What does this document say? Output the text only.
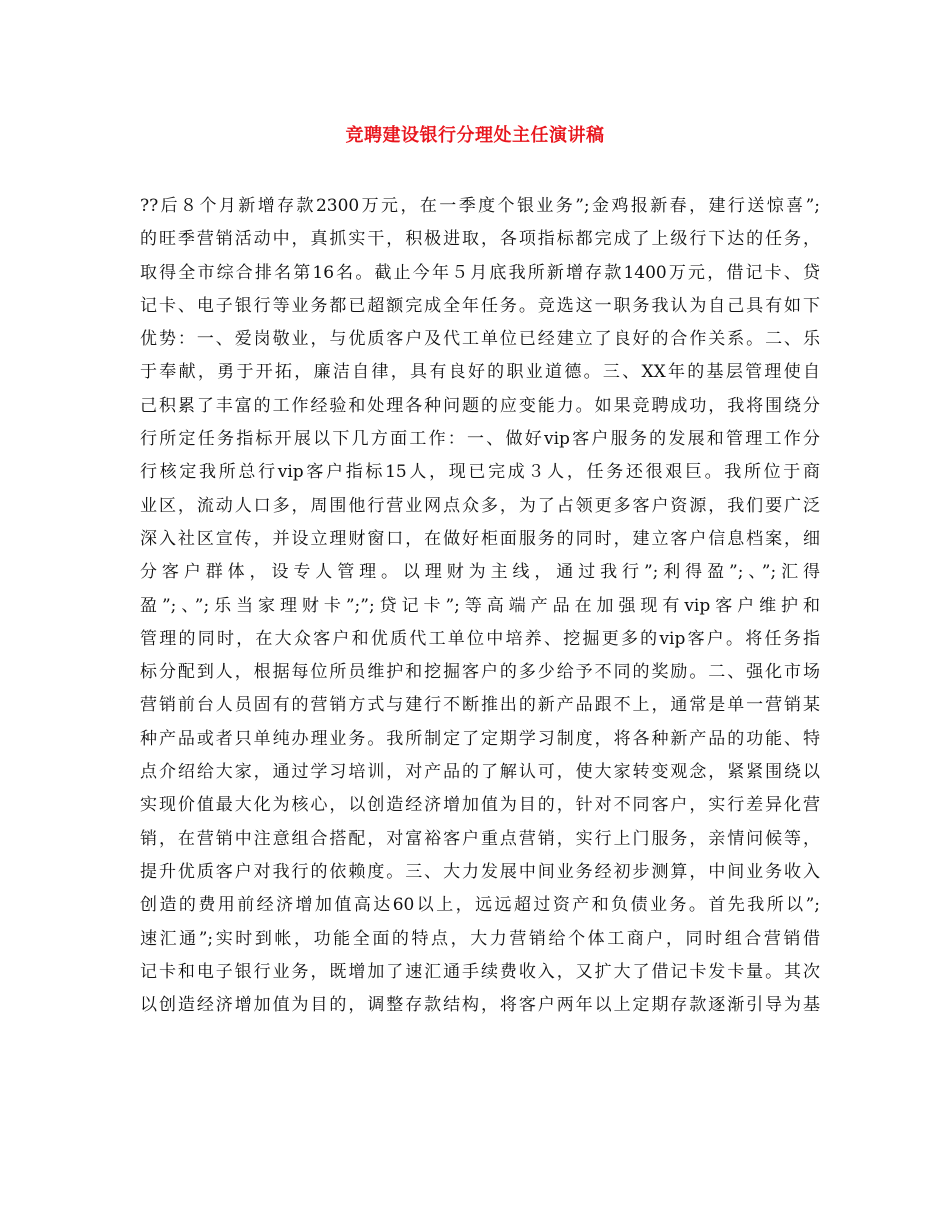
竞聘建设银行分理处主任演讲稿
??后８个月新增存款2300万元，在一季度个银业务”;金鸡报新春，建行送惊喜”;
的旺季营销活动中，真抓实干，积极进取，各项指标都完成了上级行下达的任务，
取得全市综合排名第16名。截止今年５月底我所新增存款1400万元，借记卡、贷
记卡、电子银行等业务都已超额完成全年任务。竞选这一职务我认为自己具有如下
优势：一、爱岗敬业，与优质客户及代工单位已经建立了良好的合作关系。二、乐
于奉献，勇于开拓，廉洁自律，具有良好的职业道德。三、XX年的基层管理使自
己积累了丰富的工作经验和处理各种问题的应变能力。如果竞聘成功，我将围绕分
行所定任务指标开展以下几方面工作：一、做好vip客户服务的发展和管理工作分
行核定我所总行vip客户指标15人，现已完成３人，任务还很艰巨。我所位于商
业区，流动人口多，周围他行营业网点众多，为了占领更多客户资源，我们要广泛
深入社区宣传，并设立理财窗口，在做好柜面服务的同时，建立客户信息档案，细
分客户群体，设专人管理。以理财为主线，通过我行”;利得盈”;、”;汇得
盈”;、”;乐当家理财卡”;”;贷记卡”;等高端产品在加强现有vip客户维护和
管理的同时，在大众客户和优质代工单位中培养、挖掘更多的vip客户。将任务指
标分配到人，根据每位所员维护和挖掘客户的多少给予不同的奖励。二、强化市场
营销前台人员固有的营销方式与建行不断推出的新产品跟不上，通常是单一营销某
种产品或者只单纯办理业务。我所制定了定期学习制度，将各种新产品的功能、特
点介绍给大家，通过学习培训，对产品的了解认可，使大家转变观念，紧紧围绕以
实现价值最大化为核心，以创造经济增加值为目的，针对不同客户，实行差异化营
销，在营销中注意组合搭配，对富裕客户重点营销，实行上门服务，亲情问候等，
提升优质客户对我行的依赖度。三、大力发展中间业务经初步测算，中间业务收入
创造的费用前经济增加值高达60以上，远远超过资产和负债业务。首先我所以”;
速汇通”;实时到帐，功能全面的特点，大力营销给个体工商户，同时组合营销借
记卡和电子银行业务，既增加了速汇通手续费收入，又扩大了借记卡发卡量。其次
以创造经济增加值为目的，调整存款结构，将客户两年以上定期存款逐渐引导为基
